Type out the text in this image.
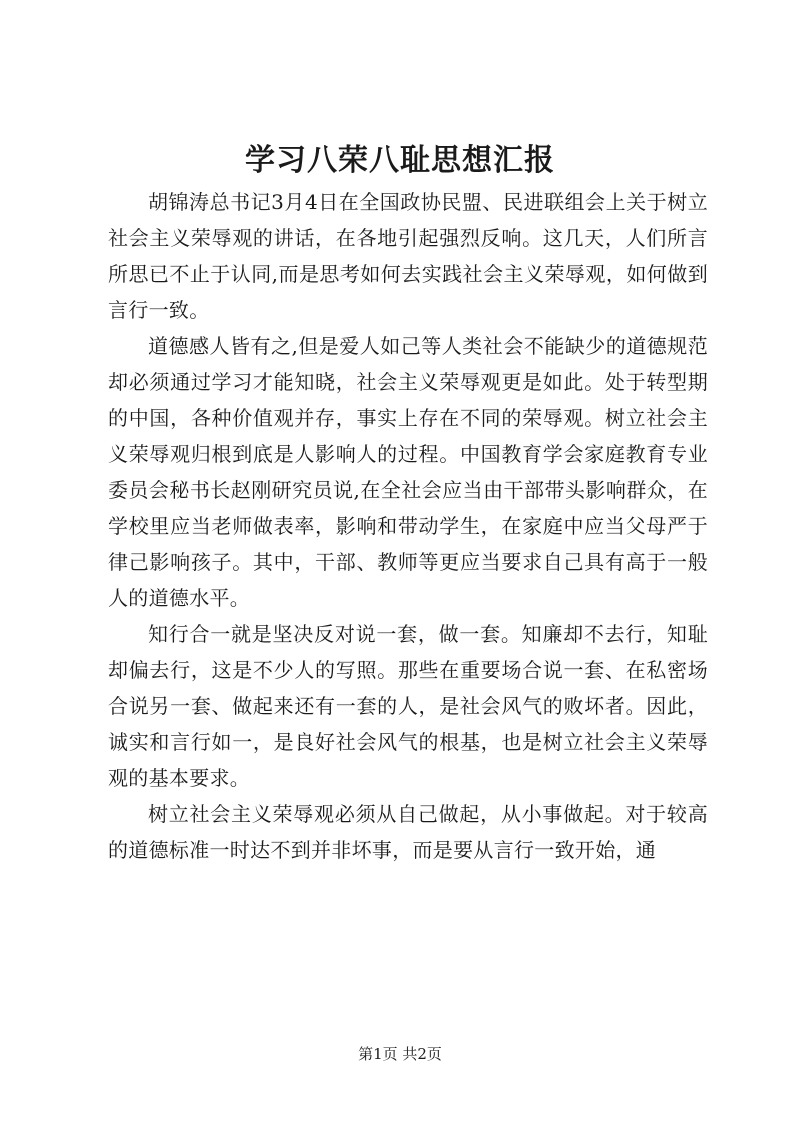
学习八荣八耻思想汇报

胡锦涛总书记3月4日在全国政协民盟、民进联组会上关于树立社会主义荣辱观的讲话，在各地引起强烈反响。这几天，人们所言所思已不止于认同,而是思考如何去实践社会主义荣辱观，如何做到言行一致。

道德感人皆有之,但是爱人如己等人类社会不能缺少的道德规范却必须通过学习才能知晓，社会主义荣辱观更是如此。处于转型期的中国，各种价值观并存，事实上存在不同的荣辱观。树立社会主义荣辱观归根到底是人影响人的过程。中国教育学会家庭教育专业委员会秘书长赵刚研究员说,在全社会应当由干部带头影响群众，在学校里应当老师做表率，影响和带动学生，在家庭中应当父母严于律己影响孩子。其中，干部、教师等更应当要求自己具有高于一般人的道德水平。

知行合一就是坚决反对说一套，做一套。知廉却不去行，知耻却偏去行，这是不少人的写照。那些在重要场合说一套、在私密场合说另一套、做起来还有一套的人，是社会风气的败坏者。因此，诚实和言行如一，是良好社会风气的根基，也是树立社会主义荣辱观的基本要求。

树立社会主义荣辱观必须从自己做起，从小事做起。对于较高的道德标准一时达不到并非坏事，而是要从言行一致开始，通

第1页 共2页
